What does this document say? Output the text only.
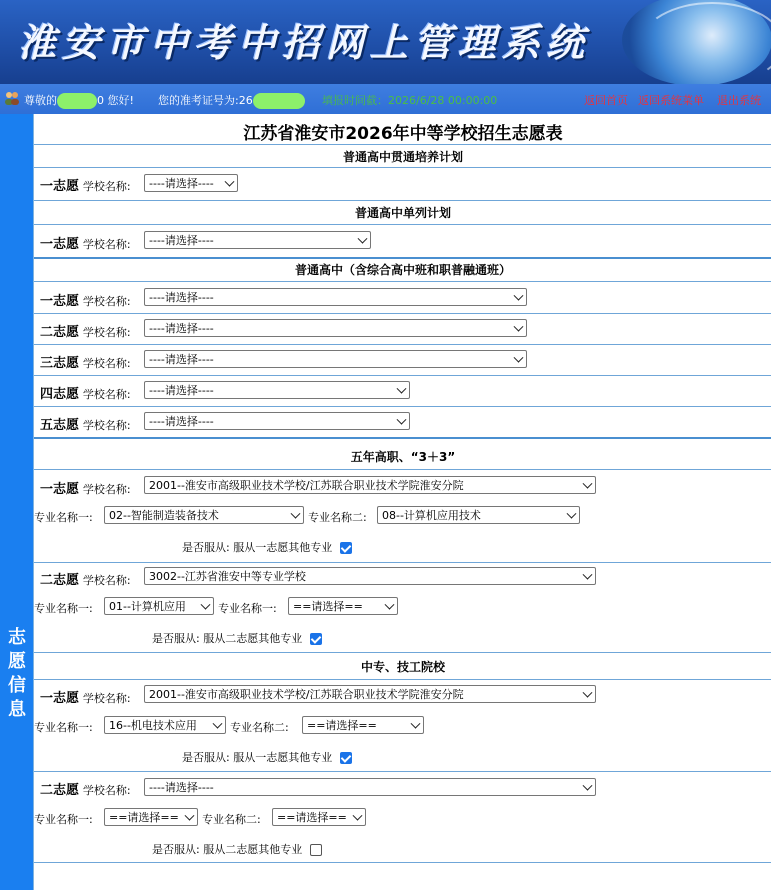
淮安市中考中招网上管理系统
尊敬的	0 您好! 您的准考证号为:26	填报时间截：2026/6/28 00:00:00	返回首页 返回系统菜单 退出系统
志愿信息
江苏省淮安市2026年中等学校招生志愿表
普通高中贯通培养计划
一志愿 学校名称: ----请选择----
普通高中单列计划
一志愿 学校名称: ----请选择----
普通高中（含综合高中班和职普融通班）
一志愿 学校名称: ----请选择----
二志愿 学校名称: ----请选择----
三志愿 学校名称: ----请选择----
四志愿 学校名称: ----请选择----
五志愿 学校名称: ----请选择----
五年高职、“3＋3”
一志愿 学校名称: 2001--淮安市高级职业技术学校/江苏联合职业技术学院淮安分院
专业名称一: 02--智能制造装备技术	专业名称二: 08--计算机应用技术
是否服从: 服从一志愿其他专业
二志愿 学校名称: 3002--江苏省淮安中等专业学校
专业名称一: 01--计算机应用	专业名称一: ==请选择==
是否服从: 服从二志愿其他专业
中专、技工院校
一志愿 学校名称: 2001--淮安市高级职业技术学校/江苏联合职业技术学院淮安分院
专业名称一: 16--机电技术应用	专业名称二: ==请选择==
是否服从: 服从一志愿其他专业
二志愿 学校名称: ----请选择----
专业名称一: ==请选择==	专业名称二: ==请选择==
是否服从: 服从二志愿其他专业
